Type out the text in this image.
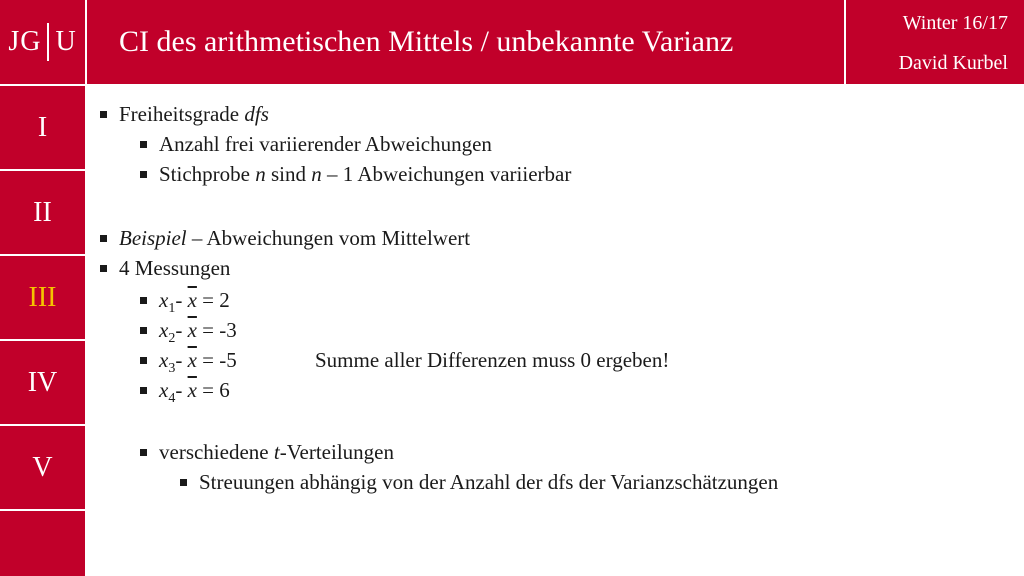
JG U CI des arithmetischen Mittels / unbekannte Varianz
Winter 16/17
David Kurbel
I
II
III
IV
V
Freiheitsgrade dfs
Anzahl frei variierender Abweichungen
Stichprobe n sind n – 1 Abweichungen variierbar
Beispiel – Abweichungen vom Mittelwert
4 Messungen
$x_1-$ $\overline{x} = 2$
$x_2-$ $\overline{x} = -3$
$x_3-$ $\overline{x} = -5$
$x_4-$ $\overline{x} = 6$
Summe aller Differenzen muss 0 ergeben!
verschiedene t-Verteilungen
Streuungen abhängig von der Anzahl der dfs der Varianzschätzungen
